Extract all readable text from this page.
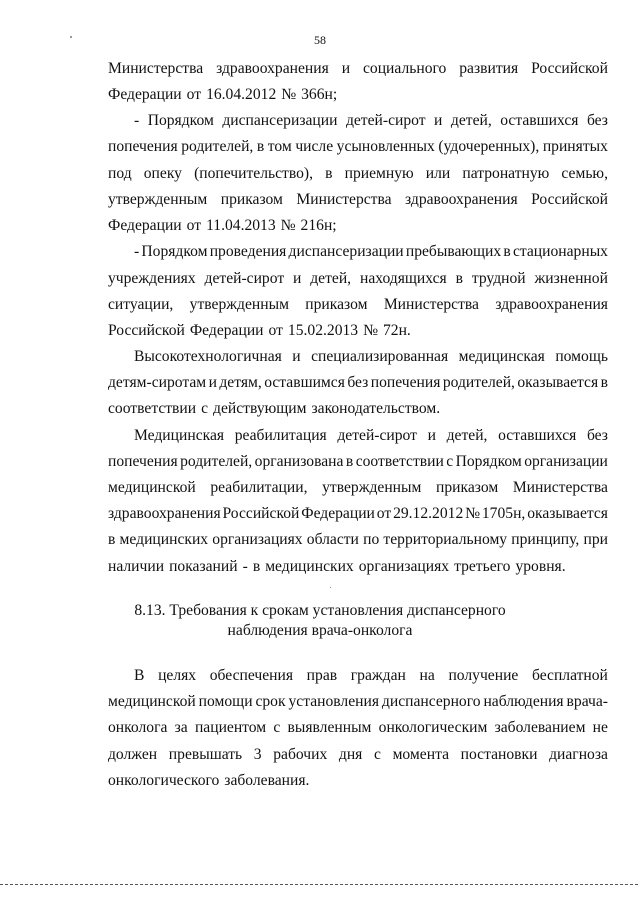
58
Министерства здравоохранения и социального развития Российской
Федерации от 16.04.2012 № 366н;
- Порядком диспансеризации детей-сирот и детей, оставшихся без
попечения родителей, в том числе усыновленных (удочеренных), принятых
под опеку (попечительство), в приемную или патронатную семью,
утвержденным приказом Министерства здравоохранения Российской
Федерации от 11.04.2013 № 216н;
- Порядком проведения диспансеризации пребывающих в стационарных
учреждениях детей-сирот и детей, находящихся в трудной жизненной
ситуации, утвержденным приказом Министерства здравоохранения
Российской Федерации от 15.02.2013 № 72н.
Высокотехнологичная и специализированная медицинская помощь
детям-сиротам и детям, оставшимся без попечения родителей, оказывается в
соответствии с действующим законодательством.
Медицинская реабилитация детей-сирот и детей, оставшихся без
попечения родителей, организована в соответствии с Порядком организации
медицинской реабилитации, утвержденным приказом Министерства
здравоохранения Российской Федерации от 29.12.2012 № 1705н, оказывается
в медицинских организациях области по территориальному принципу, при
наличии показаний - в медицинских организациях третьего уровня.
В целях обеспечения прав граждан на получение бесплатной
медицинской помощи срок установления диспансерного наблюдения врача-
онколога за пациентом с выявленным онкологическим заболеванием не
должен превышать 3 рабочих дня с момента постановки диагноза
онкологического заболевания.
8.13. Требования к срокам установления диспансерного
наблюдения врача-онколога
